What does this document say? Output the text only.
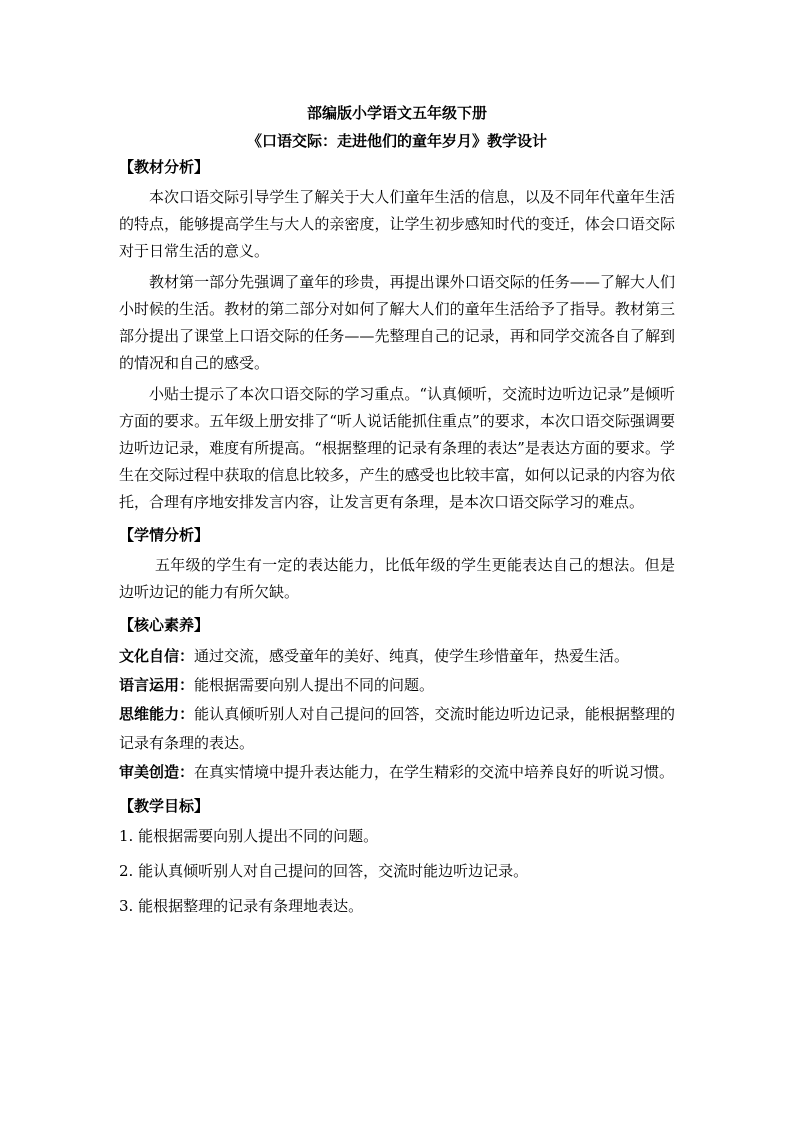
部编版小学语文五年级下册

《口语交际：走进他们的童年岁月》教学设计

【教材分析】

本次口语交际引导学生了解关于大人们童年生活的信息，以及不同年代童年生活的特点，能够提高学生与大人的亲密度，让学生初步感知时代的变迁，体会口语交际对于日常生活的意义。

教材第一部分先强调了童年的珍贵，再提出课外口语交际的任务——了解大人们小时候的生活。教材的第二部分对如何了解大人们的童年生活给予了指导。教材第三部分提出了课堂上口语交际的任务——先整理自己的记录，再和同学交流各自了解到的情况和自己的感受。

小贴士提示了本次口语交际的学习重点。“认真倾听，交流时边听边记录”是倾听方面的要求。五年级上册安排了“听人说话能抓住重点”的要求，本次口语交际强调要边听边记录，难度有所提高。“根据整理的记录有条理的表达”是表达方面的要求。学生在交际过程中获取的信息比较多，产生的感受也比较丰富，如何以记录的内容为依托，合理有序地安排发言内容，让发言更有条理，是本次口语交际学习的难点。

【学情分析】

五年级的学生有一定的表达能力，比低年级的学生更能表达自己的想法。但是边听边记的能力有所欠缺。

【核心素养】

文化自信：通过交流，感受童年的美好、纯真，使学生珍惜童年，热爱生活。

语言运用：能根据需要向别人提出不同的问题。

思维能力：能认真倾听别人对自己提问的回答，交流时能边听边记录，能根据整理的记录有条理的表达。

审美创造：在真实情境中提升表达能力，在学生精彩的交流中培养良好的听说习惯。

【教学目标】

1. 能根据需要向别人提出不同的问题。

2. 能认真倾听别人对自己提问的回答，交流时能边听边记录。

3. 能根据整理的记录有条理地表达。
